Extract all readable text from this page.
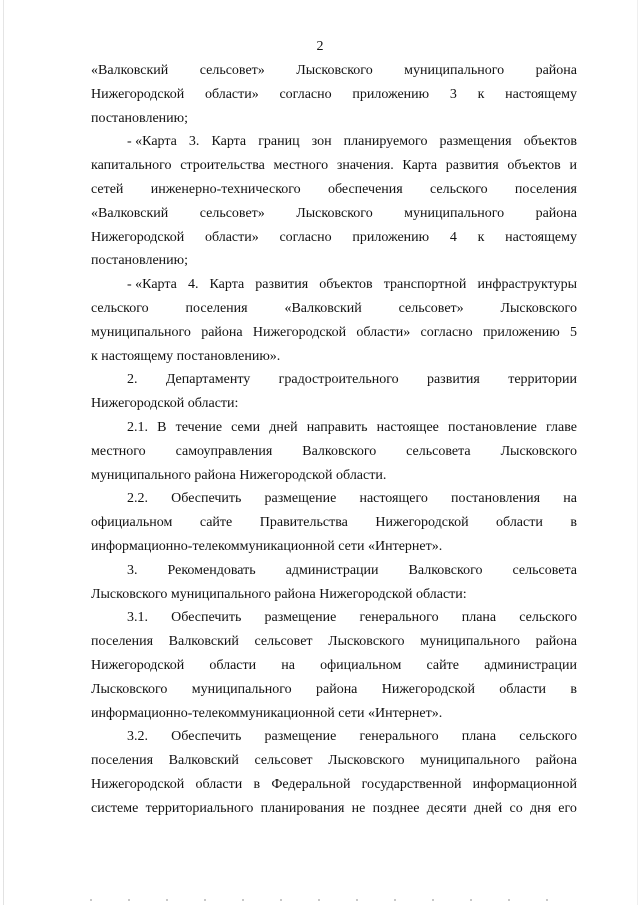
2
«Валковский сельсовет» Лысковского муниципального района
Нижегородской области» согласно приложению 3 к настоящему
постановлению;
- «Карта 3. Карта границ зон планируемого размещения объектов
капитального строительства местного значения. Карта развития объектов и
сетей инженерно-технического обеспечения сельского поселения
«Валковский сельсовет» Лысковского муниципального района
Нижегородской области» согласно приложению 4 к настоящему
постановлению;
- «Карта 4. Карта развития объектов транспортной инфраструктуры
сельского	поселения	«Валковский	сельсовет»	Лысковского
муниципального района Нижегородской области» согласно приложению 5
к настоящему постановлению».
2. Департаменту градостроительного развития территории
Нижегородской области:
2.1. В течение семи дней направить настоящее постановление главе
местного самоуправления Валковского сельсовета Лысковского
муниципального района Нижегородской области.
2.2. Обеспечить размещение настоящего постановления на
официальном сайте Правительства Нижегородской области в
информационно-телекоммуникационной сети «Интернет».
3. Рекомендовать администрации Валковского сельсовета
Лысковского муниципального района Нижегородской области:
3.1. Обеспечить размещение генерального плана сельского
поселения Валковский сельсовет Лысковского муниципального района
Нижегородской области на официальном сайте администрации
Лысковского муниципального района Нижегородской области в
информационно-телекоммуникационной сети «Интернет».
3.2. Обеспечить размещение генерального плана сельского
поселения Валковский сельсовет Лысковского муниципального района
Нижегородской области в Федеральной государственной информационной
системе территориального планирования не позднее десяти дней со дня его
